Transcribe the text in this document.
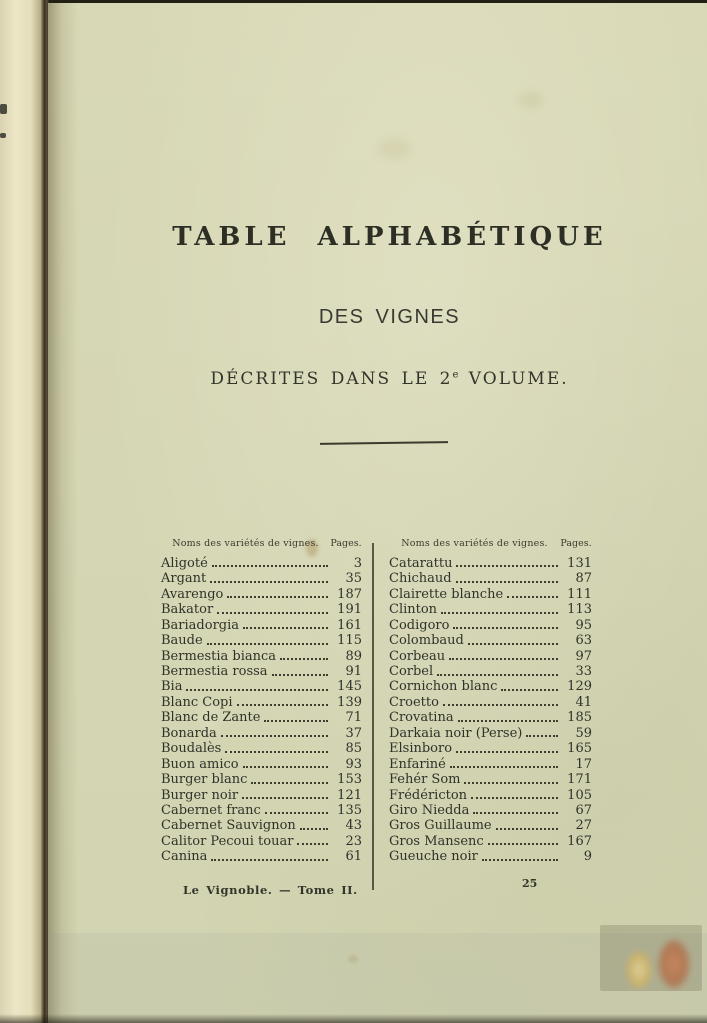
TABLE ALPHABÉTIQUE
DES VIGNES
DÉCRITES DANS LE 2e VOLUME.
Noms des variétés de vignes.	Pages.
Aligoté	3
Argant	35
Avarengo	187
Bakator	191
Bariadorgia	161
Baude	115
Bermestia bianca	89
Bermestia rossa	91
Bia	145
Blanc Copi	139
Blanc de Zante	71
Bonarda	37
Boudalès	85
Buon amico	93
Burger blanc	153
Burger noir	121
Cabernet franc	135
Cabernet Sauvignon	43
Calitor Pecoui touar	23
Canina	61
Noms des variétés de vignes.	Pages.
Catarattu	131
Chichaud	87
Clairette blanche	111
Clinton	113
Codigoro	95
Colombaud	63
Corbeau	97
Corbel	33
Cornichon blanc	129
Croetto	41
Crovatina	185
Darkaia noir (Perse)	59
Elsinboro	165
Enfariné	17
Fehér Som	171
Frédéricton	105
Giro Niedda	67
Gros Guillaume	27
Gros Mansenc	167
Gueuche noir	9
Le Vignoble. — Tome II.	25
